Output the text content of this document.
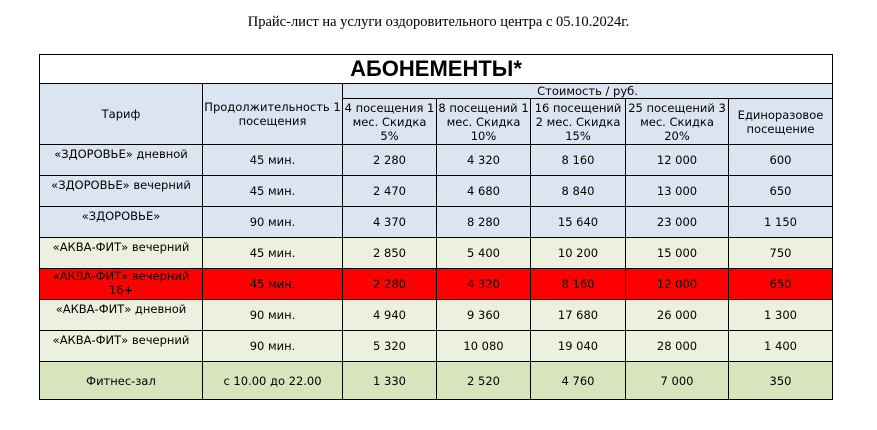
Прайс-лист на услуги оздоровительного центра с 05.10.2024г.
АБОНЕМЕНТЫ*						
Тариф	Продолжительность 1 посещения	Стоимость / руб.				
		4 посещения 1 мес. Скидка 5%	8 посещений 1 мес. Скидка 10%	16 посещений 2 мес. Скидка 15%	25 посещений 3 мес. Скидка 20%	Единоразовое посещение
«ЗДОРОВЬЕ» дневной	45 мин.	2 280	4 320	8 160	12 000	600
«ЗДОРОВЬЕ» вечерний	45 мин.	2 470	4 680	8 840	13 000	650
«ЗДОРОВЬЕ»	90 мин.	4 370	8 280	15 640	23 000	1 150
«АКВА-ФИТ» вечерний	45 мин.	2 850	5 400	10 200	15 000	750
«АКВА-ФИТ» вечерний 16+	45 мин.	2 280	4 320	8 160	12 000	650
«АКВА-ФИТ» дневной	90 мин.	4 940	9 360	17 680	26 000	1 300
«АКВА-ФИТ» вечерний	90 мин.	5 320	10 080	19 040	28 000	1 400
Фитнес-зал	с 10.00 до 22.00	1 330	2 520	4 760	7 000	350
